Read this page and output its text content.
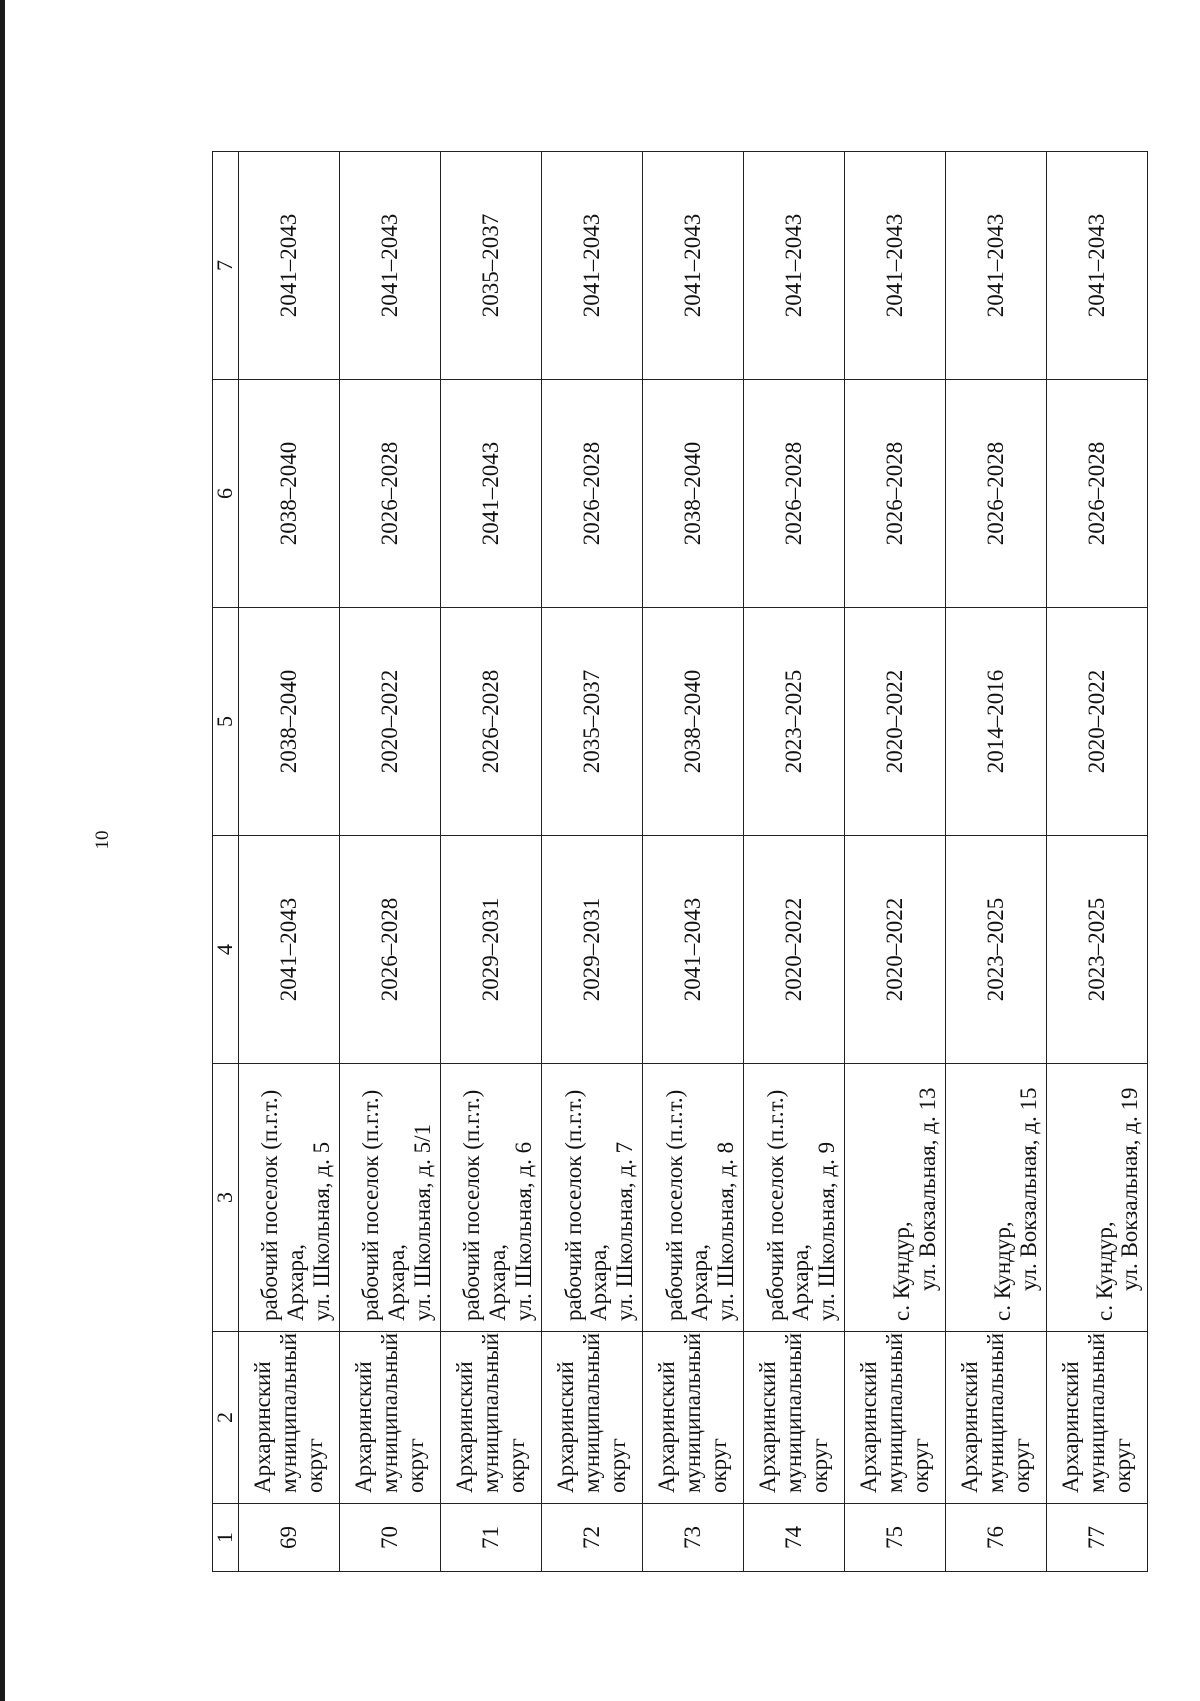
10
1	2	3	4	5	6	7
69	Архаринский муниципальный округ	рабочий поселок (п.г.т.) Архара, ул. Школьная, д. 5	2041–2043	2038–2040	2038–2040	2041–2043
70	Архаринский муниципальный округ	рабочий поселок (п.г.т.) Архара, ул. Школьная, д. 5/1	2026–2028	2020–2022	2026–2028	2041–2043
71	Архаринский муниципальный округ	рабочий поселок (п.г.т.) Архара, ул. Школьная, д. 6	2029–2031	2026–2028	2041–2043	2035–2037
72	Архаринский муниципальный округ	рабочий поселок (п.г.т.) Архара, ул. Школьная, д. 7	2029–2031	2035–2037	2026–2028	2041–2043
73	Архаринский муниципальный округ	рабочий поселок (п.г.т.) Архара, ул. Школьная, д. 8	2041–2043	2038–2040	2038–2040	2041–2043
74	Архаринский муниципальный округ	рабочий поселок (п.г.т.) Архара, ул. Школьная, д. 9	2020–2022	2023–2025	2026–2028	2041–2043
75	Архаринский муниципальный округ	с. Кундур, ул. Вокзальная, д. 13	2020–2022	2020–2022	2026–2028	2041–2043
76	Архаринский муниципальный округ	с. Кундур, ул. Вокзальная, д. 15	2023–2025	2014–2016	2026–2028	2041–2043
77	Архаринский муниципальный округ	с. Кундур, ул. Вокзальная, д. 19	2023–2025	2020–2022	2026–2028	2041–2043
